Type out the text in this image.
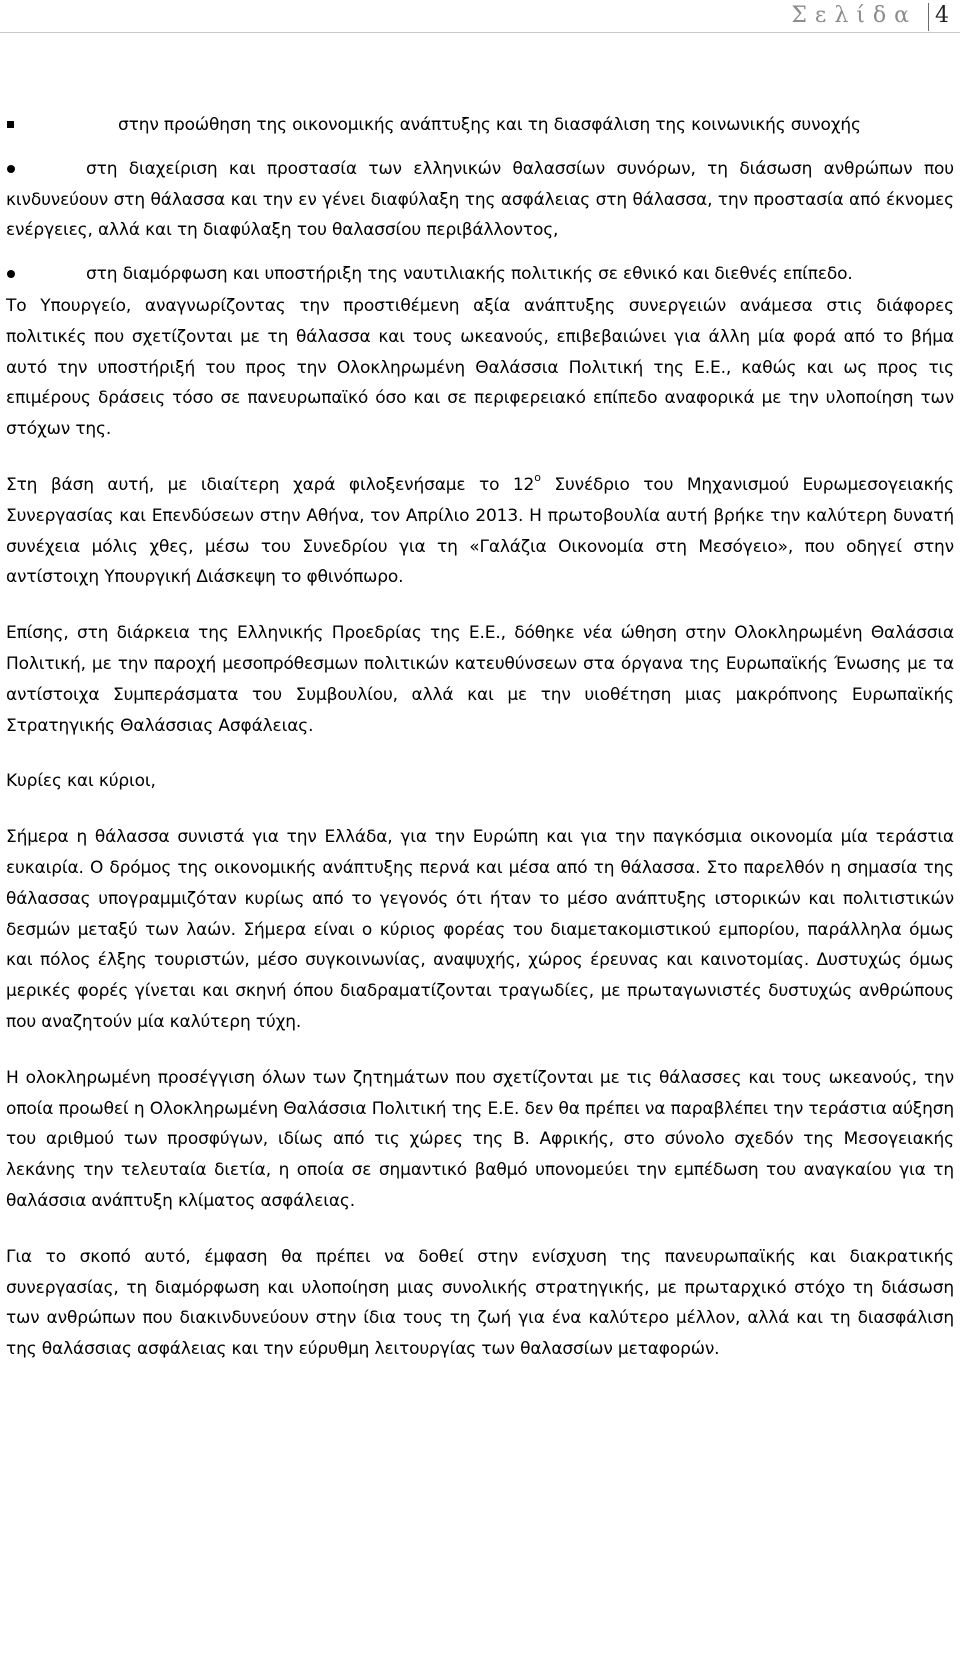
Σελίδα 4
στην προώθηση της οικονομικής ανάπτυξης και τη διασφάλιση της κοινωνικής συνοχής
στη διαχείριση και προστασία των ελληνικών θαλασσίων συνόρων, τη διάσωση ανθρώπων που κινδυνεύουν στη θάλασσα και την εν γένει διαφύλαξη της ασφάλειας στη θάλασσα, την προστασία από έκνομες ενέργειες, αλλά και τη διαφύλαξη του θαλασσίου περιβάλλοντος,
στη διαμόρφωση και υποστήριξη της ναυτιλιακής πολιτικής σε εθνικό και διεθνές επίπεδο.

Το Υπουργείο, αναγνωρίζοντας την προστιθέμενη αξία ανάπτυξης συνεργειών ανάμεσα στις διάφορες πολιτικές που σχετίζονται με τη θάλασσα και τους ωκεανούς, επιβεβαιώνει για άλλη μία φορά από το βήμα αυτό την υποστήριξή του προς την Ολοκληρωμένη Θαλάσσια Πολιτική της Ε.Ε., καθώς και ως προς τις επιμέρους δράσεις τόσο σε πανευρωπαϊκό όσο και σε περιφερειακό επίπεδο αναφορικά με την υλοποίηση των στόχων της.

Στη βάση αυτή, με ιδιαίτερη χαρά φιλοξενήσαμε το $12^o$ Συνέδριο του Μηχανισμού Ευρωμεσογειακής Συνεργασίας και Επενδύσεων στην Αθήνα, τον Απρίλιο 2013. Η πρωτοβουλία αυτή βρήκε την καλύτερη δυνατή συνέχεια μόλις χθες, μέσω του Συνεδρίου για τη «Γαλάζια Οικονομία στη Μεσόγειο», που οδηγεί στην αντίστοιχη Υπουργική Διάσκεψη το φθινόπωρο.

Επίσης, στη διάρκεια της Ελληνικής Προεδρίας της Ε.Ε., δόθηκε νέα ώθηση στην Ολοκληρωμένη Θαλάσσια Πολιτική, με την παροχή μεσοπρόθεσμων πολιτικών κατευθύνσεων στα όργανα της Ευρωπαϊκής Ένωσης με τα αντίστοιχα Συμπεράσματα του Συμβουλίου, αλλά και με την υιοθέτηση μιας μακρόπνοης Ευρωπαϊκής Στρατηγικής Θαλάσσιας Ασφάλειας.

Κυρίες και κύριοι,

Σήμερα η θάλασσα συνιστά για την Ελλάδα, για την Ευρώπη και για την παγκόσμια οικονομία μία τεράστια ευκαιρία. Ο δρόμος της οικονομικής ανάπτυξης περνά και μέσα από τη θάλασσα. Στο παρελθόν η σημασία της θάλασσας υπογραμμιζόταν κυρίως από το γεγονός ότι ήταν το μέσο ανάπτυξης ιστορικών και πολιτιστικών δεσμών μεταξύ των λαών. Σήμερα είναι ο κύριος φορέας του διαμετακομιστικού εμπορίου, παράλληλα όμως και πόλος έλξης τουριστών, μέσο συγκοινωνίας, αναψυχής, χώρος έρευνας και καινοτομίας. Δυστυχώς όμως μερικές φορές γίνεται και σκηνή όπου διαδραματίζονται τραγωδίες, με πρωταγωνιστές δυστυχώς ανθρώπους που αναζητούν μία καλύτερη τύχη.

Η ολοκληρωμένη προσέγγιση όλων των ζητημάτων που σχετίζονται με τις θάλασσες και τους ωκεανούς, την οποία προωθεί η Ολοκληρωμένη Θαλάσσια Πολιτική της Ε.Ε. δεν θα πρέπει να παραβλέπει την τεράστια αύξηση του αριθμού των προσφύγων, ιδίως από τις χώρες της Β. Αφρικής, στο σύνολο σχεδόν της Μεσογειακής λεκάνης την τελευταία διετία, η οποία σε σημαντικό βαθμό υπονομεύει την εμπέδωση του αναγκαίου για τη θαλάσσια ανάπτυξη κλίματος ασφάλειας.

Για το σκοπό αυτό, έμφαση θα πρέπει να δοθεί στην ενίσχυση της πανευρωπαϊκής και διακρατικής συνεργασίας, τη διαμόρφωση και υλοποίηση μιας συνολικής στρατηγικής, με πρωταρχικό στόχο τη διάσωση των ανθρώπων που διακινδυνεύουν στην ίδια τους τη ζωή για ένα καλύτερο μέλλον, αλλά και τη διασφάλιση της θαλάσσιας ασφάλειας και την εύρυθμη λειτουργίας των θαλασσίων μεταφορών.
